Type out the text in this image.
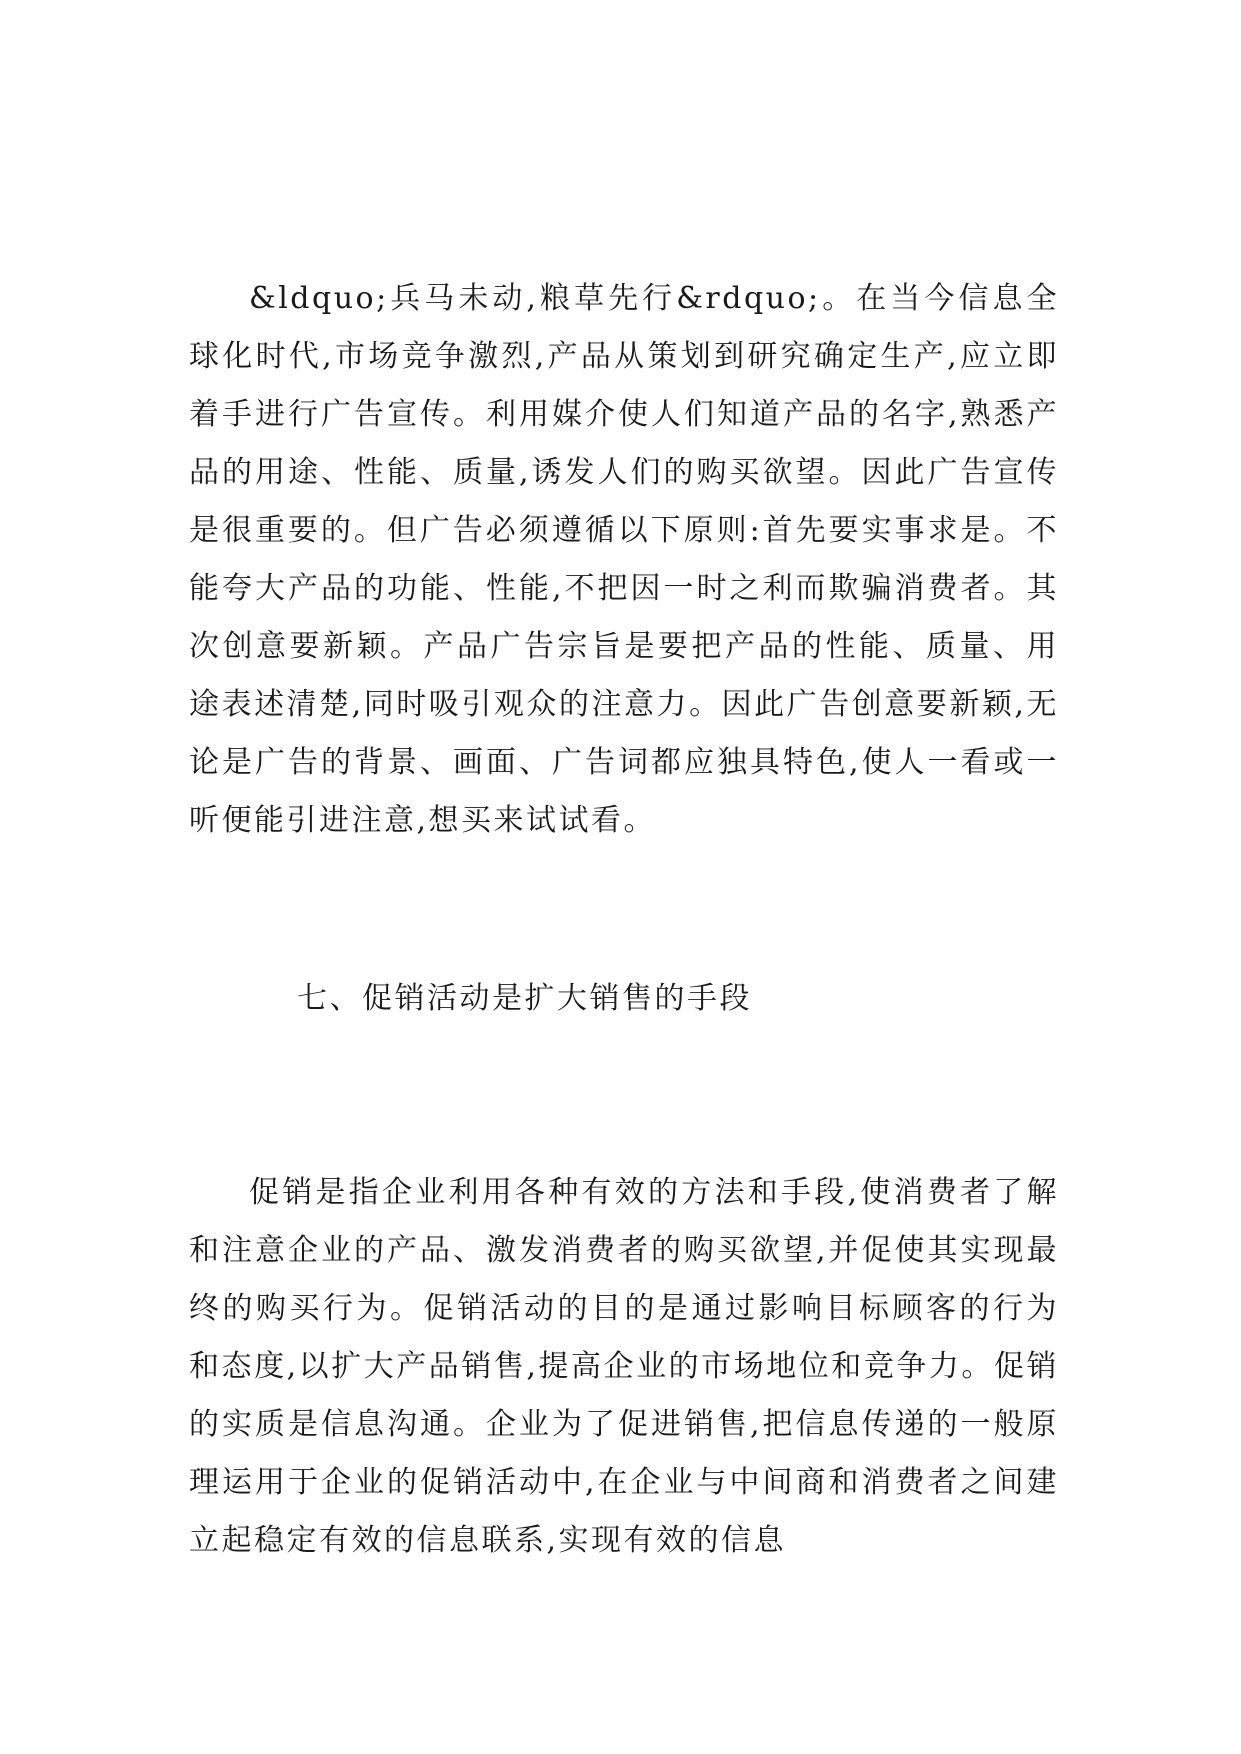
&ldquo;兵马未动,粮草先行&rdquo;。在当今信息全球化时代,市场竞争激烈,产品从策划到研究确定生产,应立即着手进行广告宣传。利用媒介使人们知道产品的名字,熟悉产品的用途、性能、质量,诱发人们的购买欲望。因此广告宣传是很重要的。但广告必须遵循以下原则:首先要实事求是。不能夸大产品的功能、性能,不把因一时之利而欺骗消费者。其次创意要新颖。产品广告宗旨是要把产品的性能、质量、用途表述清楚,同时吸引观众的注意力。因此广告创意要新颖,无论是广告的背景、画面、广告词都应独具特色,使人一看或一听便能引进注意,想买来试试看。

七、促销活动是扩大销售的手段

促销是指企业利用各种有效的方法和手段,使消费者了解和注意企业的产品、激发消费者的购买欲望,并促使其实现最终的购买行为。促销活动的目的是通过影响目标顾客的行为和态度,以扩大产品销售,提高企业的市场地位和竞争力。促销的实质是信息沟通。企业为了促进销售,把信息传递的一般原理运用于企业的促销活动中,在企业与中间商和消费者之间建立起稳定有效的信息联系,实现有效的信息
